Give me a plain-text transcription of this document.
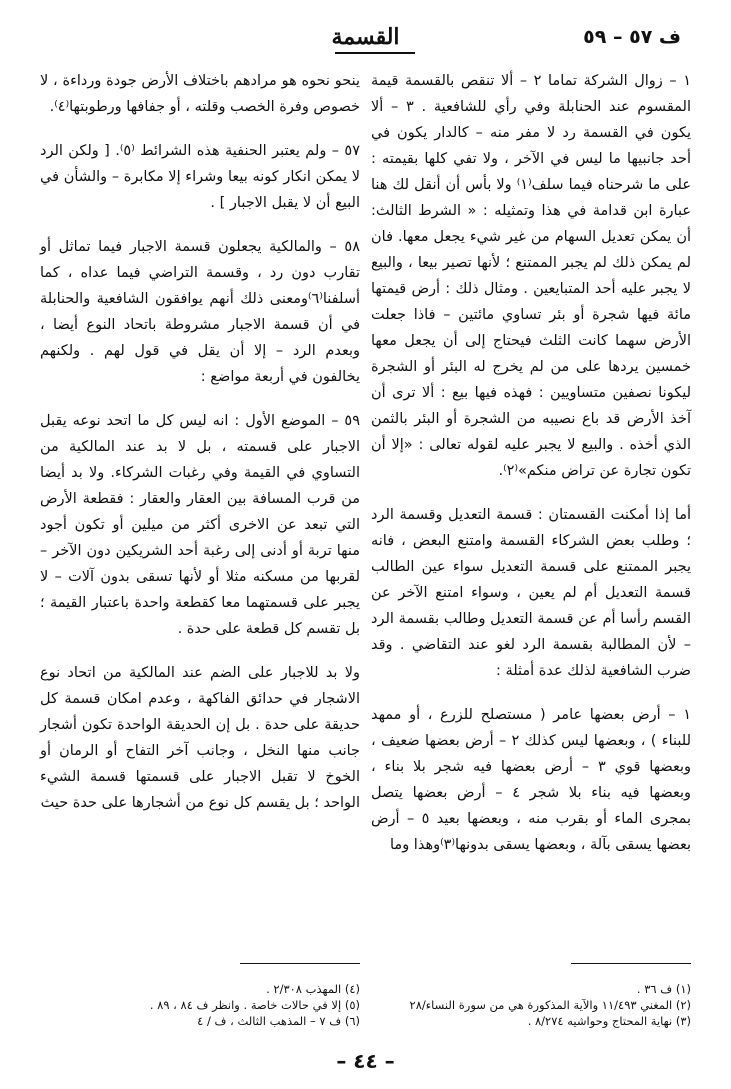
ف ٥٧ – ٥٩
القسمة

١ – زوال الشركة تماما ٢ – ألا تنقص بالقسمة قيمة المقسوم عند الحنابلة وفي رأي للشافعية . ٣ – ألا يكون في القسمة رد لا مفر منه – كالدار يكون في أحد جانبيها ما ليس في الآخر ، ولا تفي كلها بقيمته : على ما شرحناه فيما سلف⁽١⁾ ولا بأس أن أنقل لك هنا عبارة ابن قدامة في هذا وتمثيله : « الشرط الثالث: أن يمكن تعديل السهام من غير شيء يجعل معها. فان لم يمكن ذلك لم يجبر الممتنع ؛ لأنها تصير بيعا ، والبيع لا يجبر عليه أحد المتبايعين . ومثال ذلك : أرض قيمتها مائة فيها شجرة أو بئر تساوي مائتين – فاذا جعلت الأرض سهما كانت الثلث فيحتاج إلى أن يجعل معها خمسين يردها على من لم يخرج له البئر أو الشجرة ليكونا نصفين متساويين : فهذه فيها بيع : ألا ترى أن آخذ الأرض قد باع نصيبه من الشجرة أو البئر بالثمن الذي أخذه . والبيع لا يجبر عليه لقوله تعالى : «إلا أن تكون تجارة عن تراض منكم»⁽٢⁾.

أما إذا أمكنت القسمتان : قسمة التعديل وقسمة الرد ؛ وطلب بعض الشركاء القسمة وامتنع البعض ، فانه يجبر الممتنع على قسمة التعديل سواء عين الطالب قسمة التعديل أم لم يعين ، وسواء امتنع الآخر عن القسم رأسا أم عن قسمة التعديل وطالب بقسمة الرد – لأن المطالبة بقسمة الرد لغو عند التقاضي . وقد ضرب الشافعية لذلك عدة أمثلة :

١ – أرض بعضها عامر ( مستصلح للزرع ، أو ممهد للبناء ) ، وبعضها ليس كذلك ٢ – أرض بعضها ضعيف ، وبعضها قوي ٣ – أرض بعضها فيه شجر بلا بناء ، وبعضها فيه بناء بلا شجر ٤ – أرض بعضها يتصل بمجرى الماء أو بقرب منه ، وبعضها بعيد ٥ – أرض بعضها يسقى بآلة ، وبعضها يسقى بدونها⁽٣⁾وهذا وما

ينحو نحوه هو مرادهم باختلاف الأرض جودة ورداءة ، لا خصوص وفرة الخصب وقلته ، أو جفافها ورطوبتها⁽٤⁾.

٥٧ – ولم يعتبر الحنفية هذه الشرائط ⁽٥⁾. [ ولكن الرد لا يمكن انكار كونه بيعا وشراء إلا مكابرة – والشأن في البيع أن لا يقبل الاجبار ] .

٥٨ – والمالكية يجعلون قسمة الاجبار فيما تماثل أو تقارب دون رد ، وقسمة التراضي فيما عداه ، كما أسلفنا⁽٦⁾ومعنى ذلك أنهم يوافقون الشافعية والحنابلة في أن قسمة الاجبار مشروطة باتحاد النوع أيضا ، وبعدم الرد – إلا أن يقل في قول لهم . ولكنهم يخالفون في أربعة مواضع :

٥٩ – الموضع الأول : انه ليس كل ما اتحد نوعه يقبل الاجبار على قسمته ، بل لا بد عند المالكية من التساوي في القيمة وفي رغبات الشركاء. ولا بد أيضا من قرب المسافة بين العقار والعقار : فقطعة الأرض التي تبعد عن الاخرى أكثر من ميلين أو تكون أجود منها تربة أو أدنى إلى رغبة أحد الشريكين دون الآخر – لقربها من مسكنه مثلا أو لأنها تسقى بدون آلات – لا يجبر على قسمتهما معا كقطعة واحدة باعتبار القيمة ؛ بل تقسم كل قطعة على حدة .

ولا بد للاجبار على الضم عند المالكية من اتحاد نوع الاشجار في حدائق الفاكهة ، وعدم امكان قسمة كل حديقة على حدة . بل إن الحديقة الواحدة تكون أشجار جانب منها النخل ، وجانب آخر التفاح أو الرمان أو الخوخ لا تقبل الاجبار على قسمتها قسمة الشيء الواحد ؛ بل يقسم كل نوع من أشجارها على حدة حيث

(١) ف ٣٦ .
(٢) المغني ١١/٤٩٣ والآية المذكورة هي من سورة النساء/٢٨
(٣) نهاية المحتاج وحواشيه ٨/٢٧٤ .
(٤) المهذب ٢/٣٠٨ .
(٥) إلا في حالات خاصة . وانظر ف ٨٤ ، ٨٩ .
(٦) ف ٧ – المذهب الثالث ، ف / ٤
– ٤٤ –
